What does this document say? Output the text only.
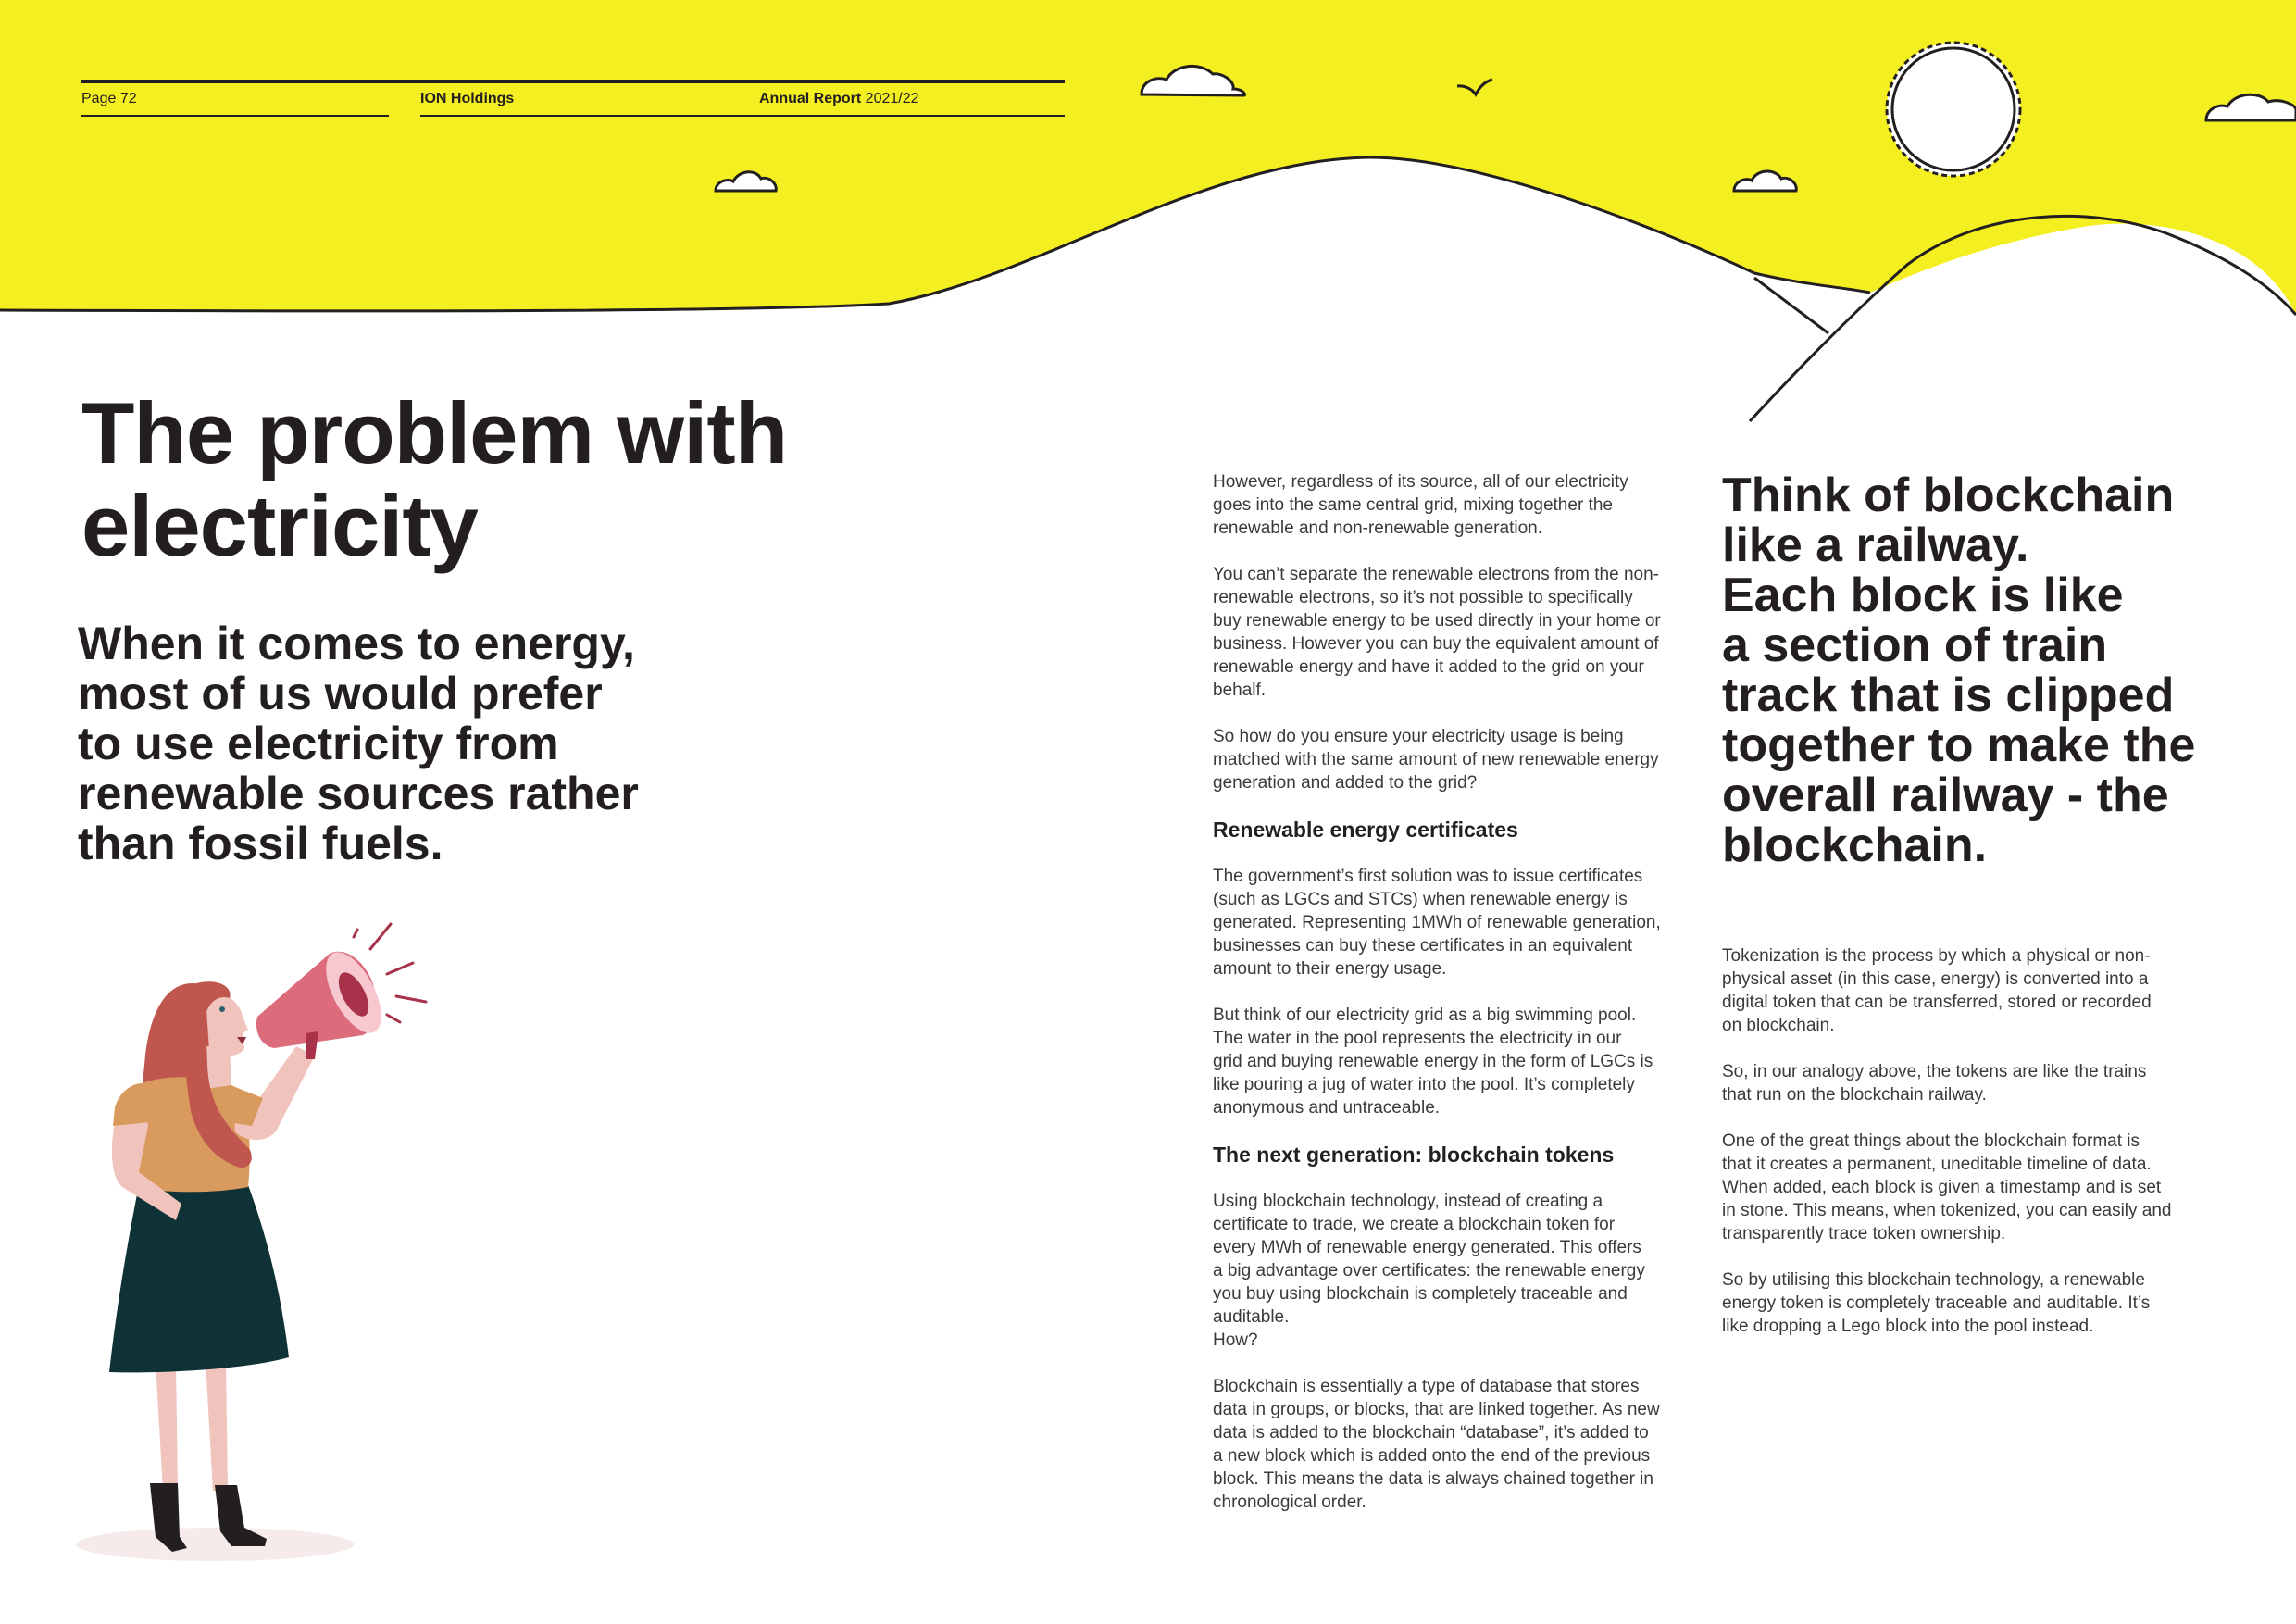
Page 72	ION Holdings	Annual Report 2021/22
The problem with
electricity
When it comes to energy,
most of us would prefer
to use electricity from
renewable sources rather
than fossil fuels.

However, regardless of its source, all of our electricity
goes into the same central grid, mixing together the
renewable and non-renewable generation.

You can’t separate the renewable electrons from the non-
renewable electrons, so it’s not possible to specifically
buy renewable energy to be used directly in your home or
business. However you can buy the equivalent amount of
renewable energy and have it added to the grid on your
behalf.

So how do you ensure your electricity usage is being
matched with the same amount of new renewable energy
generation and added to the grid?

Renewable energy certificates

The government’s first solution was to issue certificates
(such as LGCs and STCs) when renewable energy is
generated. Representing 1MWh of renewable generation,
businesses can buy these certificates in an equivalent
amount to their energy usage.

But think of our electricity grid as a big swimming pool.
The water in the pool represents the electricity in our
grid and buying renewable energy in the form of LGCs is
like pouring a jug of water into the pool. It’s completely
anonymous and untraceable.

The next generation: blockchain tokens

Using blockchain technology, instead of creating a
certificate to trade, we create a blockchain token for
every MWh of renewable energy generated. This offers
a big advantage over certificates: the renewable energy
you buy using blockchain is completely traceable and
auditable.
How?

Blockchain is essentially a type of database that stores
data in groups, or blocks, that are linked together. As new
data is added to the blockchain “database”, it’s added to
a new block which is added onto the end of the previous
block. This means the data is always chained together in
chronological order.

Think of blockchain
like a railway.
Each block is like
a section of train
track that is clipped
together to make the
overall railway - the
blockchain.

Tokenization is the process by which a physical or non-
physical asset (in this case, energy) is converted into a
digital token that can be transferred, stored or recorded
on blockchain.

So, in our analogy above, the tokens are like the trains
that run on the blockchain railway.

One of the great things about the blockchain format is
that it creates a permanent, uneditable timeline of data.
When added, each block is given a timestamp and is set
in stone. This means, when tokenized, you can easily and
transparently trace token ownership.

So by utilising this blockchain technology, a renewable
energy token is completely traceable and auditable. It’s
like dropping a Lego block into the pool instead.
